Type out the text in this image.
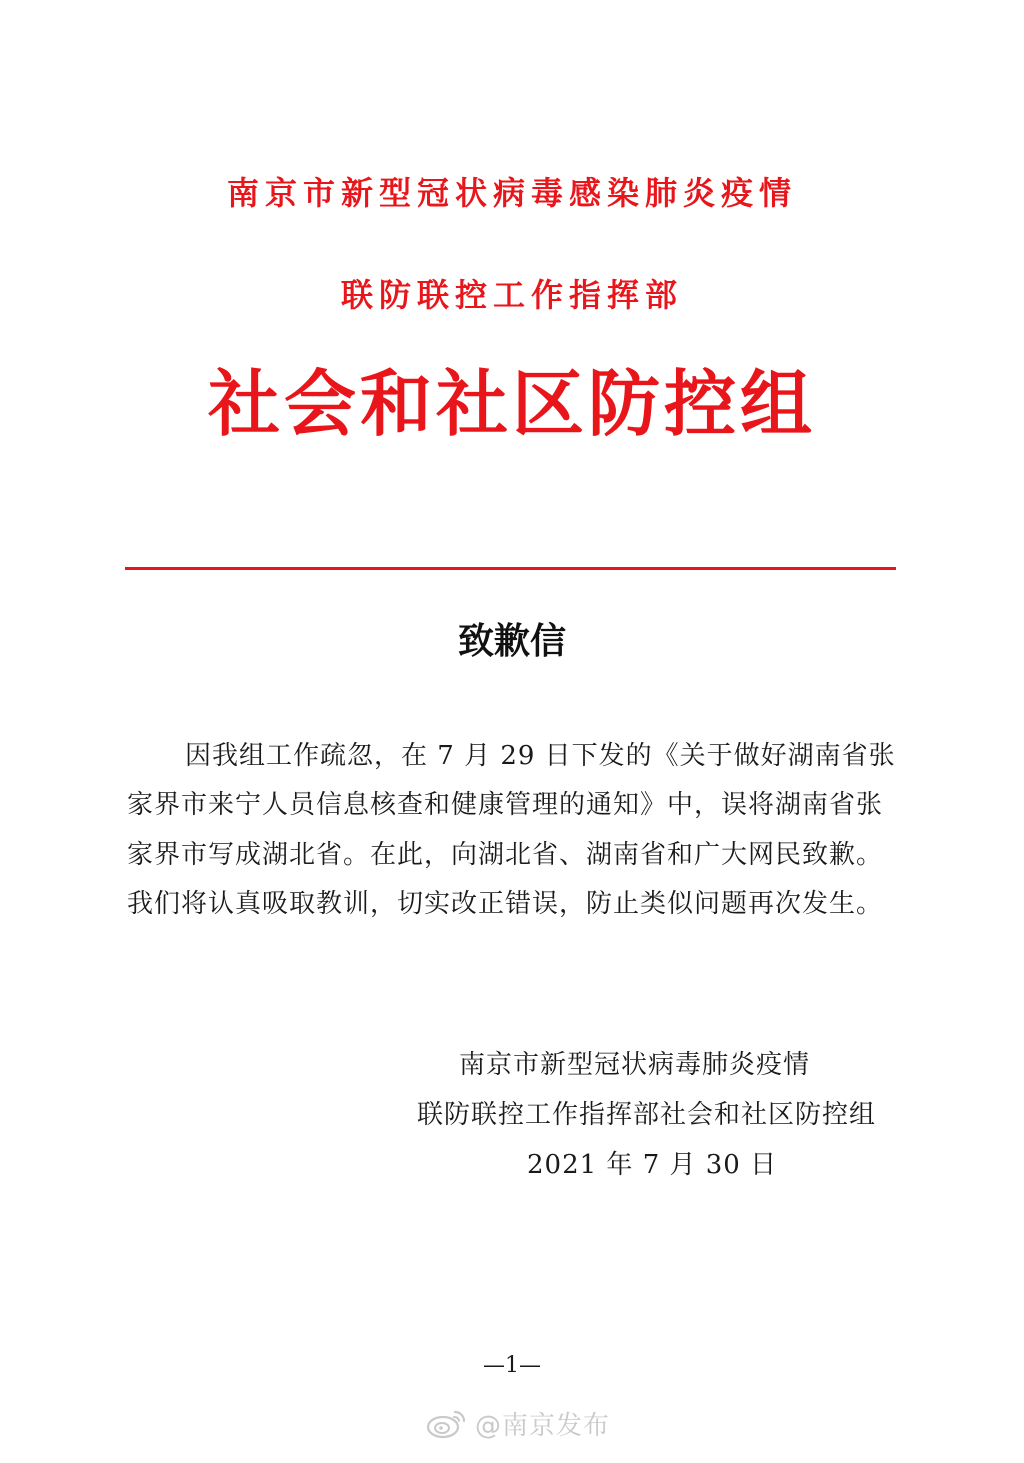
南京市新型冠状病毒感染肺炎疫情
联防联控工作指挥部
社会和社区防控组
致歉信
因我组工作疏忽，在 7 月 29 日下发的《关于做好湖南省张
家界市来宁人员信息核查和健康管理的通知》中，误将湖南省张
家界市写成湖北省。在此，向湖北省、湖南省和广大网民致歉。
我们将认真吸取教训，切实改正错误，防止类似问题再次发生。
南京市新型冠状病毒肺炎疫情
联防联控工作指挥部社会和社区防控组
2021 年 7 月 30 日
—1—
@南京发布
